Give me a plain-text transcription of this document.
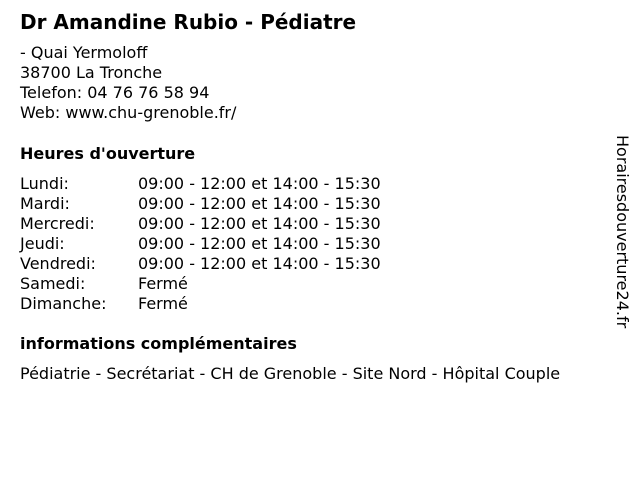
Dr Amandine Rubio - Pédiatre
- Quai Yermoloff
38700 La Tronche
Telefon: 04 76 76 58 94
Web: www.chu-grenoble.fr/
Heures d'ouverture
Lundi:	09:00 - 12:00 et 14:00 - 15:30
Mardi:	09:00 - 12:00 et 14:00 - 15:30
Mercredi:	09:00 - 12:00 et 14:00 - 15:30
Jeudi:	09:00 - 12:00 et 14:00 - 15:30
Vendredi:	09:00 - 12:00 et 14:00 - 15:30
Samedi:	Fermé
Dimanche:	Fermé
informations complémentaires
Pédiatrie - Secrétariat - CH de Grenoble - Site Nord - Hôpital Couple
Horairesdouverture24.fr
